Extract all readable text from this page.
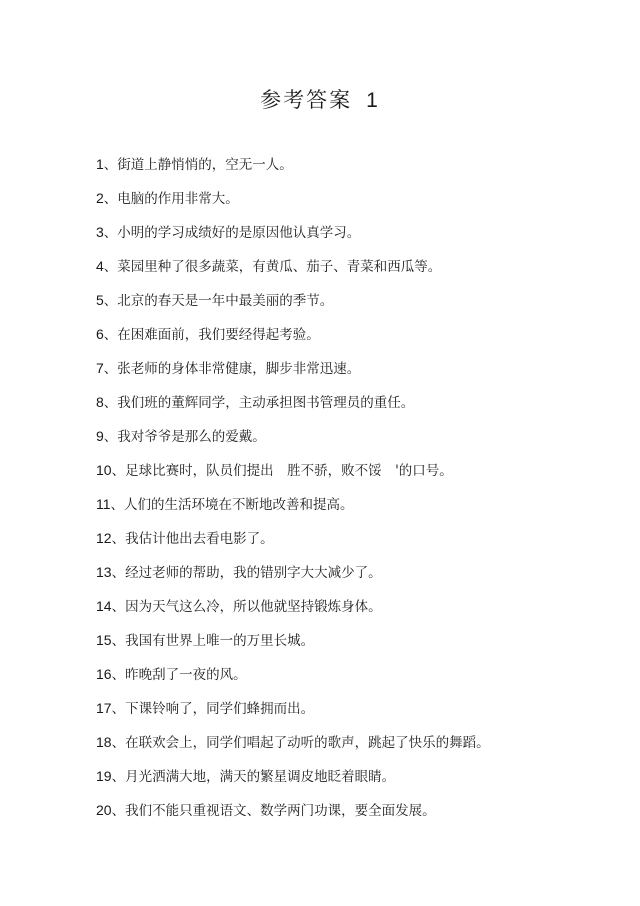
参考答案 1
1、街道上静悄悄的，空无一人。
2、电脑的作用非常大。
3、小明的学习成绩好的是原因他认真学习。
4、菜园里种了很多蔬菜，有黄瓜、茄子、青菜和西瓜等。
5、北京的春天是一年中最美丽的季节。
6、在困难面前，我们要经得起考验。
7、张老师的身体非常健康，脚步非常迅速。
8、我们班的董辉同学，主动承担图书管理员的重任。
9、我对爷爷是那么的爱戴。
10、足球比赛时，队员们提出　胜不骄，败不馁　'的口号。
11、人们的生活环境在不断地改善和提高。
12、我估计他出去看电影了。
13、经过老师的帮助，我的错别字大大减少了。
14、因为天气这么冷，所以他就坚持锻炼身体。
15、我国有世界上唯一的万里长城。
16、昨晚刮了一夜的风。
17、下课铃响了，同学们蜂拥而出。
18、在联欢会上，同学们唱起了动听的歌声，跳起了快乐的舞蹈。
19、月光洒满大地，满天的繁星调皮地眨着眼睛。
20、我们不能只重视语文、数学两门功课，要全面发展。
